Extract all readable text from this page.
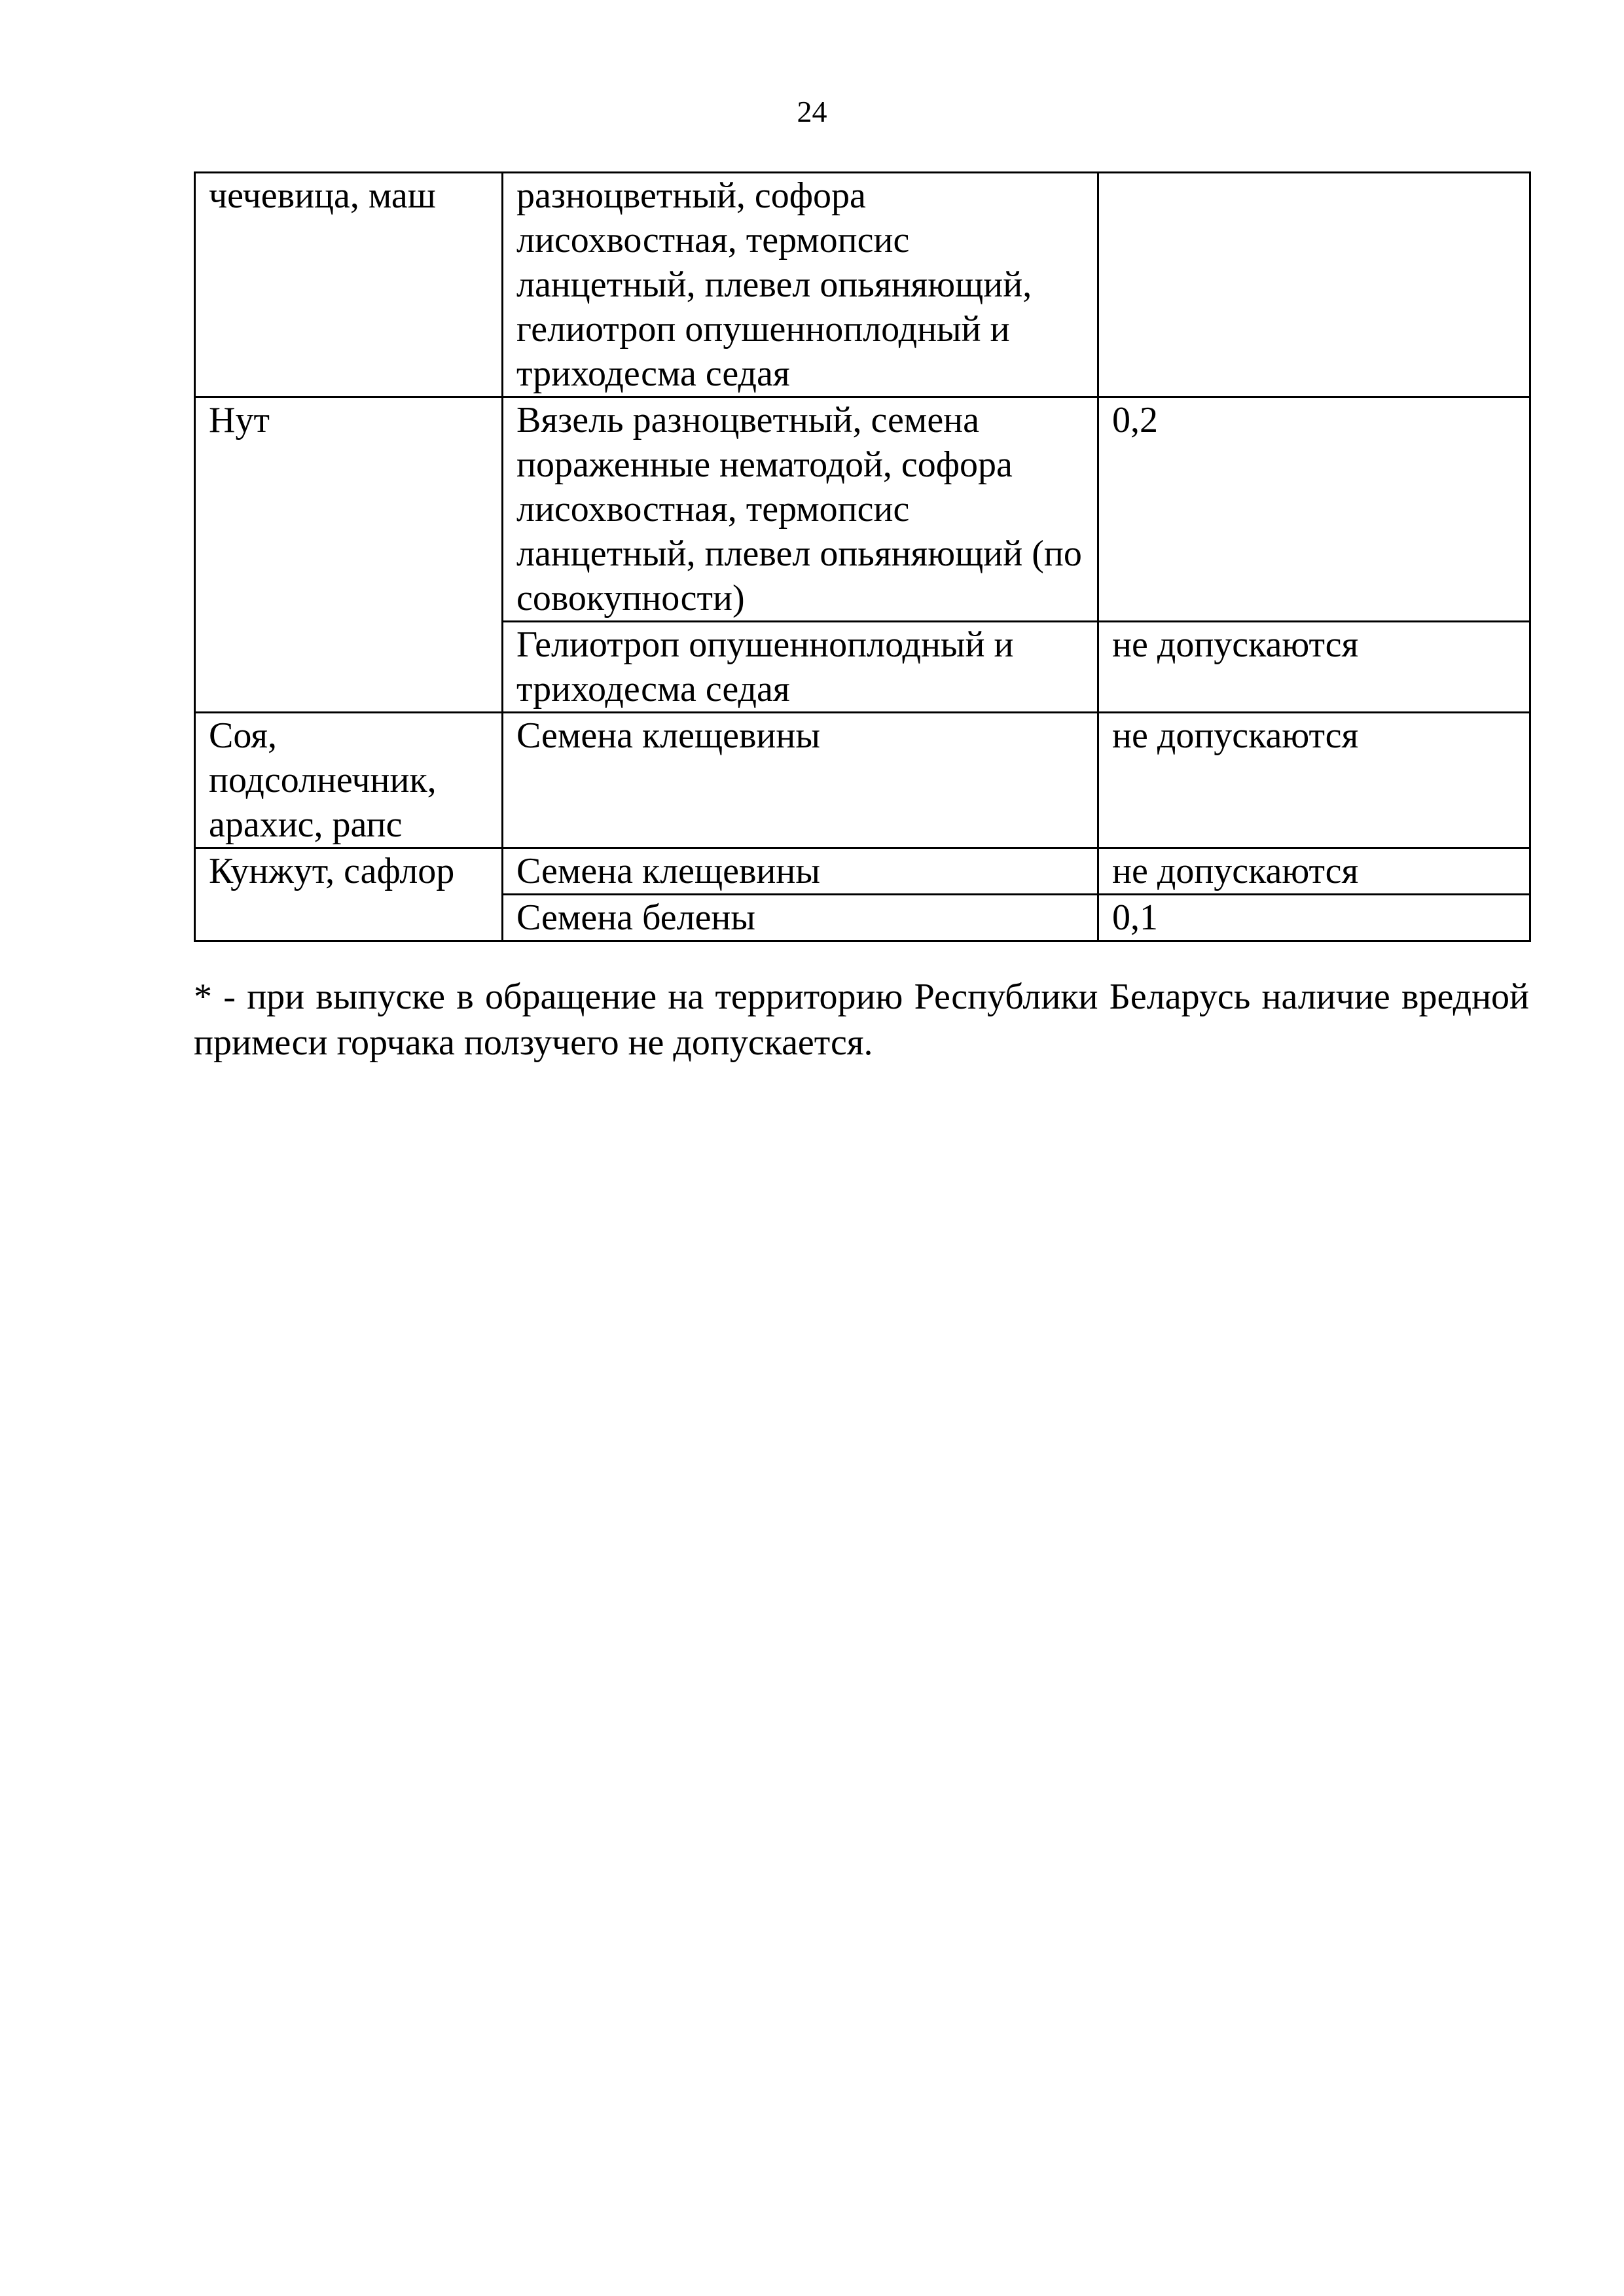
24
чечевица, маш	разноцветный, софора лисохвостная, термопсис ланцетный, плевел опьяняющий, гелиотроп опушенноплодный и триходесма седая	
Нут	Вязель разноцветный, семена пораженные нематодой, софора лисохвостная, термопсис ланцетный, плевел опьяняющий (по совокупности)	0,2
	Гелиотроп опушенноплодный и триходесма седая	не допускаются
Соя, подсолнечник, арахис, рапс	Семена клещевины	не допускаются
Кунжут, сафлор	Семена клещевины	не допускаются
	Семена белены	0,1
* - при выпуске в обращение на территорию Республики Беларусь наличие вредной примеси горчака ползучего не допускается.
